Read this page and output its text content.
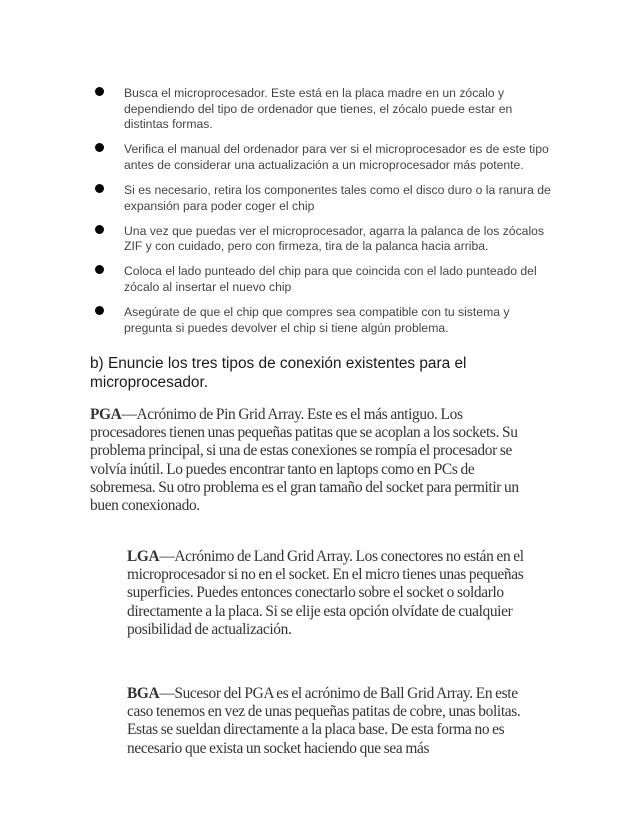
Busca el microprocesador. Este está en la placa madre en un zócalo y dependiendo del tipo de ordenador que tienes, el zócalo puede estar en distintas formas.
Verifica el manual del ordenador para ver si el microprocesador es de este tipo antes de considerar una actualización a un microprocesador más potente.
Si es necesario, retira los componentes tales como el disco duro o la ranura de expansión para poder coger el chip
Una vez que puedas ver el microprocesador, agarra la palanca de los zócalos ZIF y con cuidado, pero con firmeza, tira de la palanca hacia arriba.
Coloca el lado punteado del chip para que coincida con el lado punteado del zócalo al insertar el nuevo chip
Asegúrate de que el chip que compres sea compatible con tu sistema y pregunta si puedes devolver el chip si tiene algún problema.
b) Enuncie los tres tipos de conexión existentes para el microprocesador.

PGA—Acrónimo de Pin Grid Array. Este es el más antiguo. Los procesadores tienen unas pequeñas patitas que se acoplan a los sockets. Su problema principal, si una de estas conexiones se rompía el procesador se volvía inútil. Lo puedes encontrar tanto en laptops como en PCs de sobremesa. Su otro problema es el gran tamaño del socket para permitir un buen conexionado.

LGA—Acrónimo de Land Grid Array. Los conectores no están en el microprocesador si no en el socket. En el micro tienes unas pequeñas superficies. Puedes entonces conectarlo sobre el socket o soldarlo directamente a la placa. Si se elije esta opción olvídate de cualquier posibilidad de actualización.

BGA—Sucesor del PGA es el acrónimo de Ball Grid Array. En este caso tenemos en vez de unas pequeñas patitas de cobre, unas bolitas. Estas se sueldan directamente a la placa base. De esta forma no es necesario que exista un socket haciendo que sea más
